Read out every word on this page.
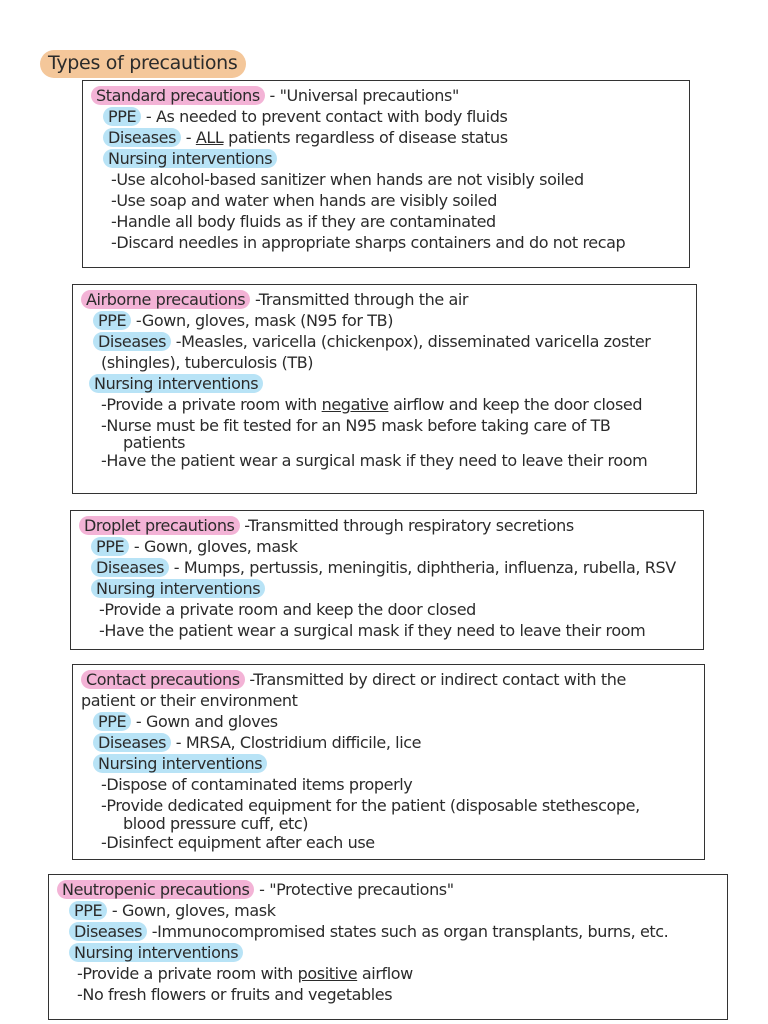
Types of precautions
Standard precautions - "Universal precautions"
PPE - As needed to prevent contact with body fluids
Diseases - ALL patients regardless of disease status
Nursing interventions
-Use alcohol-based sanitizer when hands are not visibly soiled
-Use soap and water when hands are visibly soiled
-Handle all body fluids as if they are contaminated
-Discard needles in appropriate sharps containers and do not recap
Airborne precautions -Transmitted through the air
PPE -Gown, gloves, mask (N95 for TB)
Diseases -Measles, varicella (chickenpox), disseminated varicella zoster
(shingles), tuberculosis (TB)
Nursing interventions
-Provide a private room with negative airflow and keep the door closed
-Nurse must be fit tested for an N95 mask before taking care of TB
patients
-Have the patient wear a surgical mask if they need to leave their room
Droplet precautions -Transmitted through respiratory secretions
PPE - Gown, gloves, mask
Diseases - Mumps, pertussis, meningitis, diphtheria, influenza, rubella, RSV
Nursing interventions
-Provide a private room and keep the door closed
-Have the patient wear a surgical mask if they need to leave their room
Contact precautions -Transmitted by direct or indirect contact with the
patient or their environment
PPE - Gown and gloves
Diseases - MRSA, Clostridium difficile, lice
Nursing interventions
-Dispose of contaminated items properly
-Provide dedicated equipment for the patient (disposable stethescope,
blood pressure cuff, etc)
-Disinfect equipment after each use
Neutropenic precautions - "Protective precautions"
PPE - Gown, gloves, mask
Diseases -Immunocompromised states such as organ transplants, burns, etc.
Nursing interventions
-Provide a private room with positive airflow
-No fresh flowers or fruits and vegetables
